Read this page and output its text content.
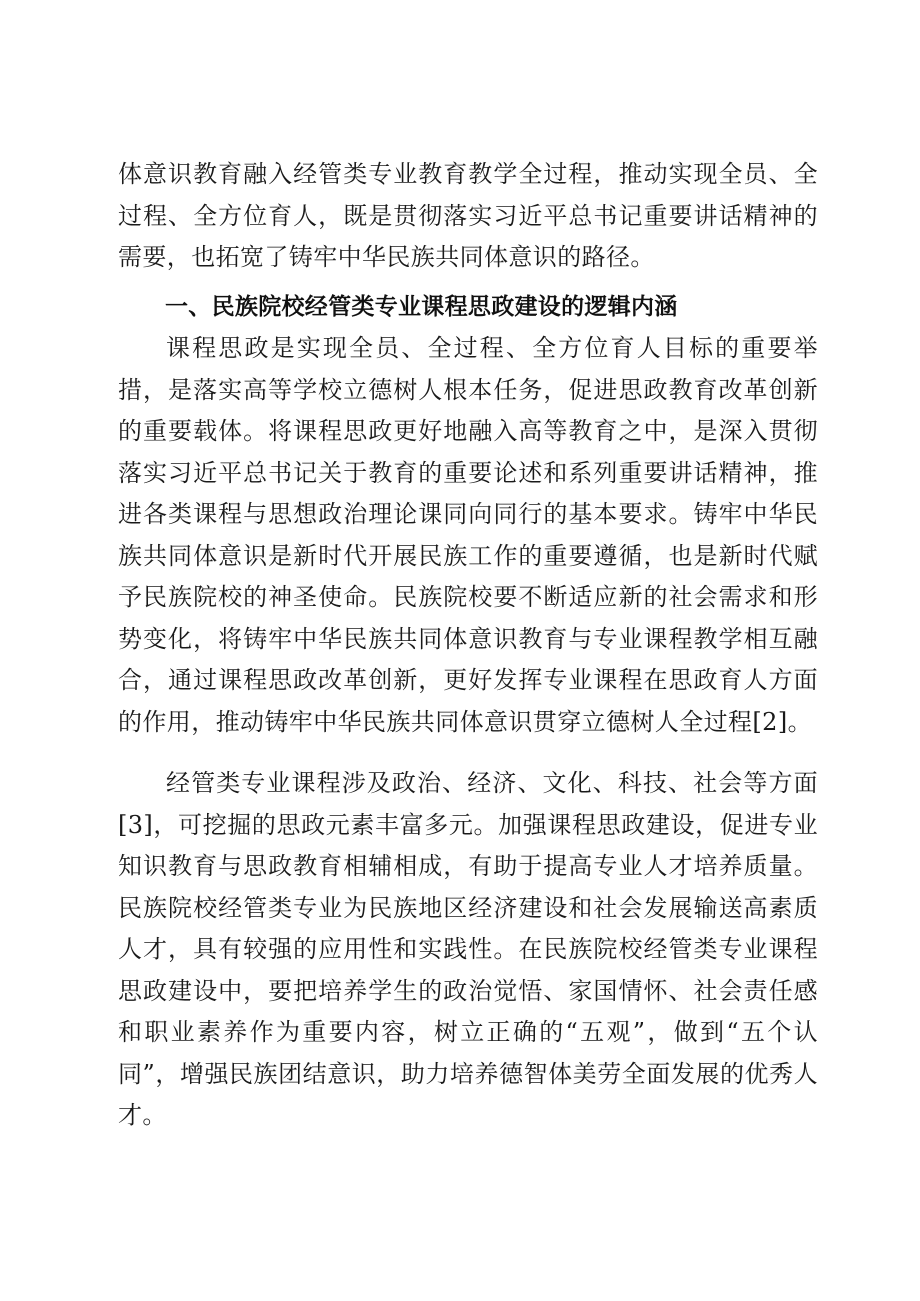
体意识教育融入经管类专业教育教学全过程，推动实现全员、全过程、全方位育人，既是贯彻落实习近平总书记重要讲话精神的需要，也拓宽了铸牢中华民族共同体意识的路径。

一、民族院校经管类专业课程思政建设的逻辑内涵

课程思政是实现全员、全过程、全方位育人目标的重要举措，是落实高等学校立德树人根本任务，促进思政教育改革创新的重要载体。将课程思政更好地融入高等教育之中，是深入贯彻落实习近平总书记关于教育的重要论述和系列重要讲话精神，推进各类课程与思想政治理论课同向同行的基本要求。铸牢中华民族共同体意识是新时代开展民族工作的重要遵循，也是新时代赋予民族院校的神圣使命。民族院校要不断适应新的社会需求和形势变化，将铸牢中华民族共同体意识教育与专业课程教学相互融合，通过课程思政改革创新，更好发挥专业课程在思政育人方面的作用，推动铸牢中华民族共同体意识贯穿立德树人全过程[2]。

经管类专业课程涉及政治、经济、文化、科技、社会等方面[3]，可挖掘的思政元素丰富多元。加强课程思政建设，促进专业知识教育与思政教育相辅相成，有助于提高专业人才培养质量。民族院校经管类专业为民族地区经济建设和社会发展输送高素质人才，具有较强的应用性和实践性。在民族院校经管类专业课程思政建设中，要把培养学生的政治觉悟、家国情怀、社会责任感和职业素养作为重要内容，树立正确的“五观”，做到“五个认同”，增强民族团结意识，助力培养德智体美劳全面发展的优秀人才。
